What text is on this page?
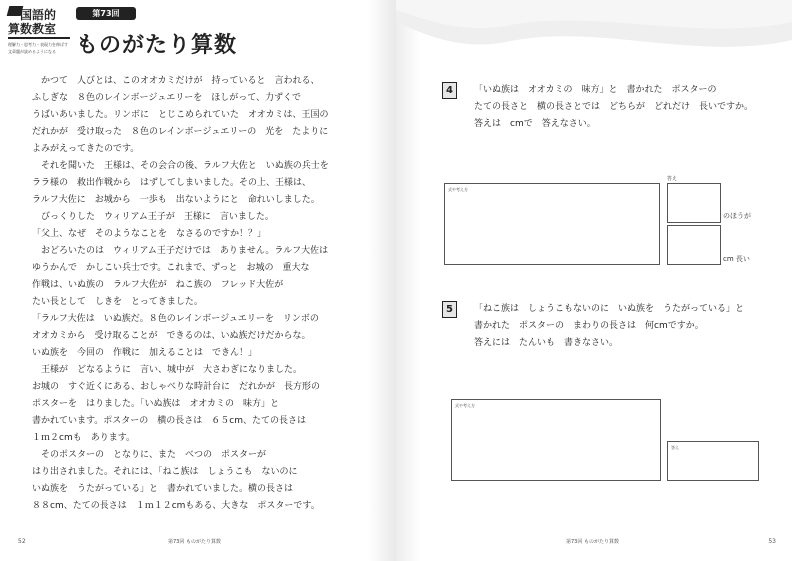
国語的
算数教室
理解力・思考力・表現力を伸ばす
文章題が読めるようになる
第73回
ものがたり算数

　かつて　人びとは、このオオカミだけが　持っていると　言われる、

ふしぎな　８色のレインボージュエリーを　ほしがって、力ずくで

うばいあいました。リンボに　とじこめられていた　オオカミは、王国の

だれかが　受け取った　８色のレインボージュエリーの　光を　たよりに

よみがえってきたのです。

　それを聞いた　王様は、その会合の後、ラルフ大佐と　いぬ族の兵士を

ララ様の　救出作戦から　はずしてしまいました。その上、王様は、

ラルフ大佐に　お城から　一歩も　出ないようにと　命れいしました。

　びっくりした　ウィリアム王子が　王様に　言いました。

「父上、なぜ　そのようなことを　なさるのですか！？」

　おどろいたのは　ウィリアム王子だけでは　ありません。ラルフ大佐は

ゆうかんで　かしこい兵士です。これまで、ずっと　お城の　重大な

作戦は、いぬ族の　ラルフ大佐が　ねこ族の　フレッド大佐が

たい長として　しきを　とってきました。

「ラルフ大佐は　いぬ族だ。８色のレインボージュエリーを　リンボの

オオカミから　受け取ることが　できるのは、いぬ族だけだからな。

いぬ族を　今回の　作戦に　加えることは　できん！」

　王様が　どなるように　言い、城中が　大さわぎになりました。

お城の　すぐ近くにある、おしゃべりな時計台に　だれかが　長方形の

ポスターを　はりました。「いぬ族は　オオカミの　味方」と

書かれています。ポスターの　横の長さは　６５cm、たての長さは

１ｍ２cmも　あります。

　そのポスターの　となりに、また　べつの　ポスターが

はり出されました。それには、「ねこ族は　しょうこも　ないのに

いぬ族を　うたがっている」と　書かれていました。横の長さは

８８cm、たての長さは　１ｍ１２cmもある、大きな　ポスターです。

52	第73回 ものがたり算数
4	「いぬ族は　オオカミの　味方」と　書かれた　ポスターの

たての長さと　横の長さとでは　どちらが　どれだけ　長いですか。

答えは　cmで　答えなさい。

式や考え方
答え
のほうが
cm 長い
5	「ねこ族は　しょうこもないのに　いぬ族を　うたがっている」と

書かれた　ポスターの　まわりの長さは　何cmですか。

答えには　たんいも　書きなさい。

式や考え方
答え
53
第73回 ものがたり算数
